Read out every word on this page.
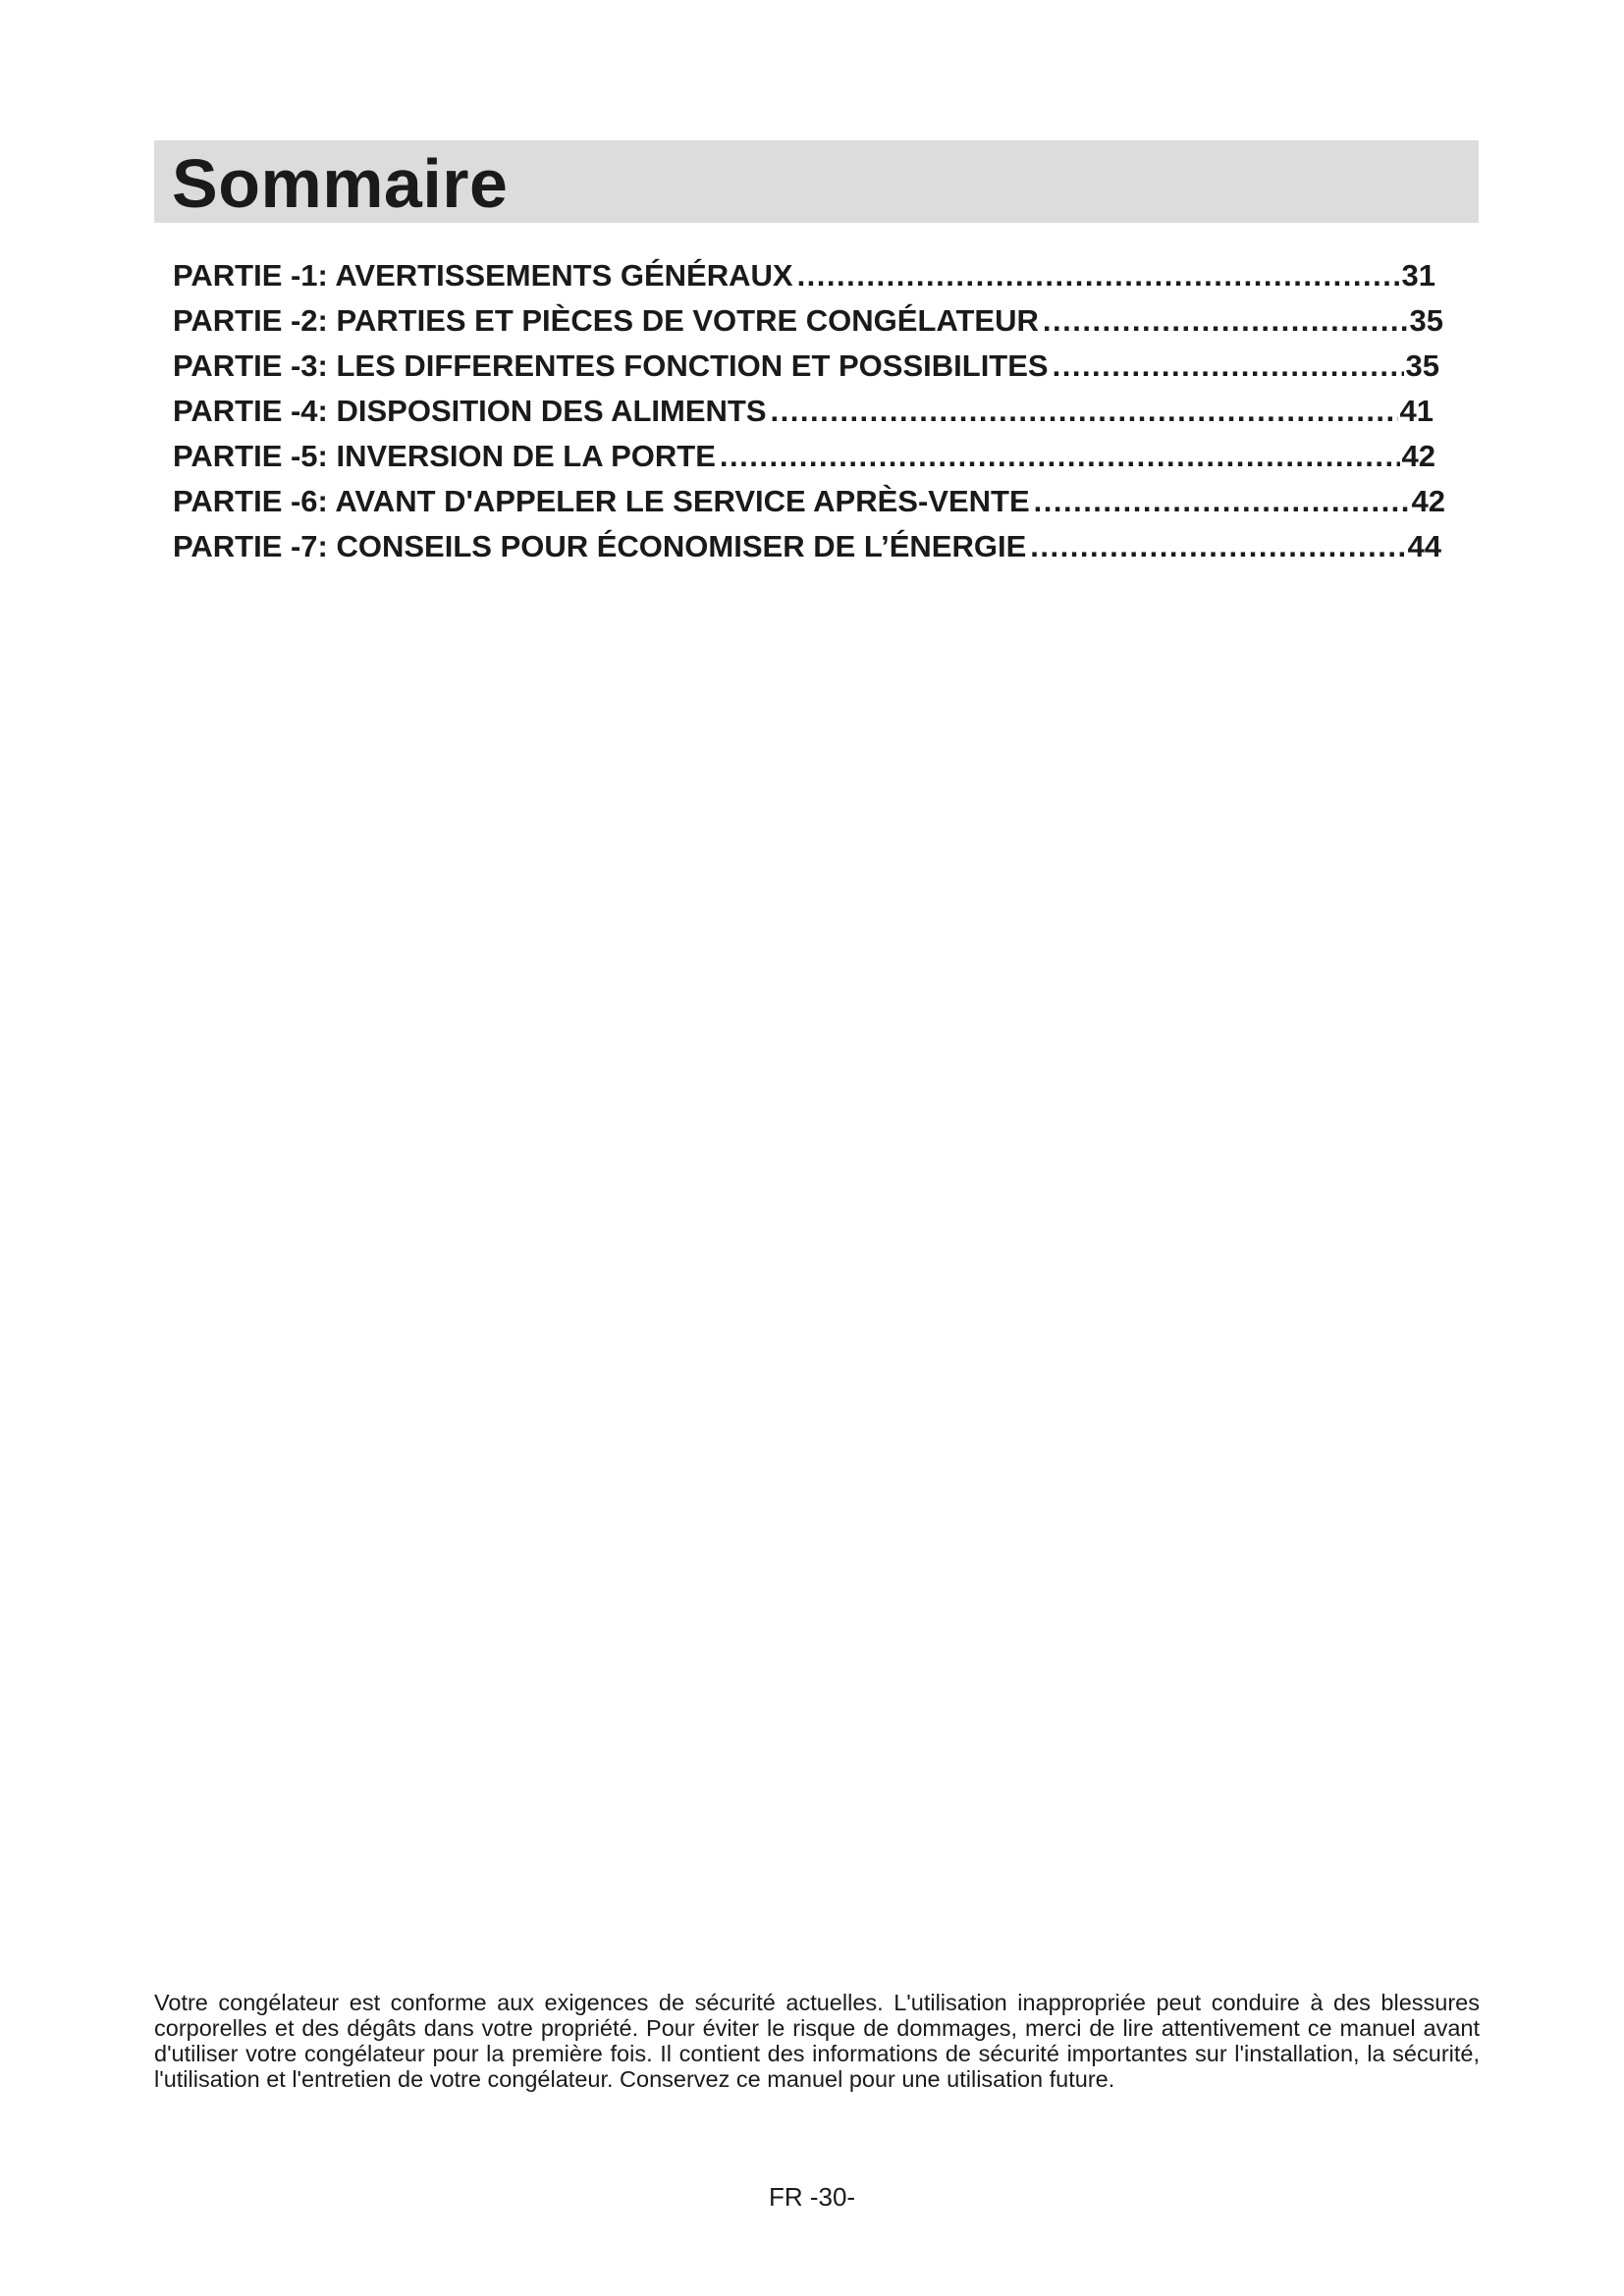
Sommaire
PARTIE -1: AVERTISSEMENTS GÉNÉRAUX .....	31
PARTIE -2: PARTIES ET PIÈCES DE VOTRE CONGÉLATEUR .....	35
PARTIE -3: LES DIFFERENTES FONCTION ET POSSIBILITES .....	35
PARTIE -4: DISPOSITION DES ALIMENTS .....	41
PARTIE -5: INVERSION DE LA PORTE .....	42
PARTIE -6: AVANT D'APPELER LE SERVICE APRÈS-VENTE .....	42
PARTIE -7: CONSEILS POUR ÉCONOMISER DE L’ÉNERGIE .....	44

Votre congélateur est conforme aux exigences de sécurité actuelles. L'utilisation inappropriée peut conduire à des blessures corporelles et des dégâts dans votre propriété. Pour éviter le risque de dommages, merci de lire attentivement ce manuel avant d'utiliser votre congélateur pour la première fois. Il contient des informations de sécurité importantes sur l'installation, la sécurité, l'utilisation et l'entretien de votre congélateur. Conservez ce manuel pour une utilisation future.

FR -30-
